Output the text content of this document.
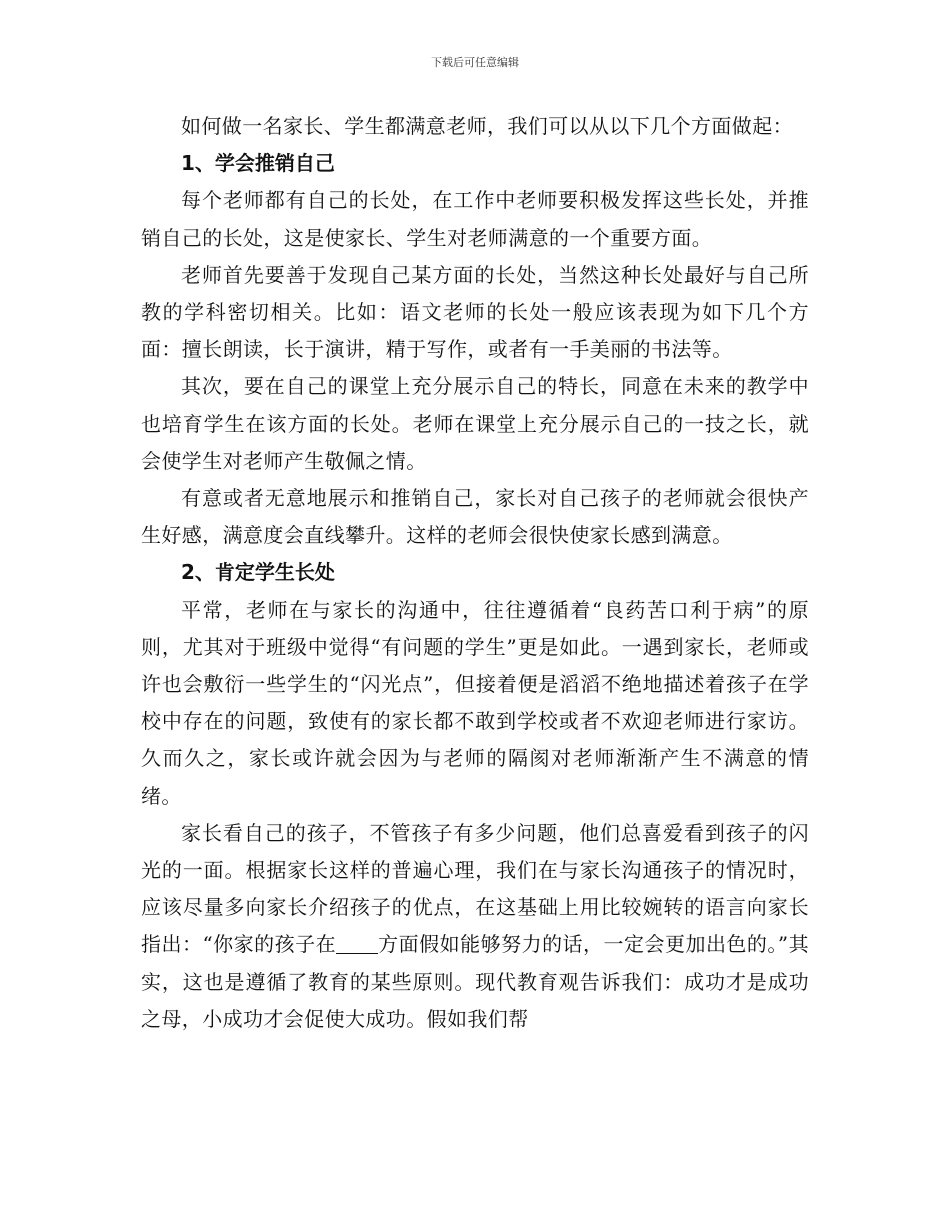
下载后可任意编辑

如何做一名家长、学生都满意老师，我们可以从以下几个方面做起：

1、学会推销自己

每个老师都有自己的长处，在工作中老师要积极发挥这些长处，并推销自己的长处，这是使家长、学生对老师满意的一个重要方面。

老师首先要善于发现自己某方面的长处，当然这种长处最好与自己所教的学科密切相关。比如：语文老师的长处一般应该表现为如下几个方面：擅长朗读，长于演讲，精于写作，或者有一手美丽的书法等。

其次，要在自己的课堂上充分展示自己的特长，同意在未来的教学中也培育学生在该方面的长处。老师在课堂上充分展示自己的一技之长，就会使学生对老师产生敬佩之情。

有意或者无意地展示和推销自己，家长对自己孩子的老师就会很快产生好感，满意度会直线攀升。这样的老师会很快使家长感到满意。

2、肯定学生长处

平常，老师在与家长的沟通中，往往遵循着“良药苦口利于病”的原则，尤其对于班级中觉得“有问题的学生”更是如此。一遇到家长，老师或许也会敷衍一些学生的“闪光点”，但接着便是滔滔不绝地描述着孩子在学校中存在的问题，致使有的家长都不敢到学校或者不欢迎老师进行家访。久而久之，家长或许就会因为与老师的隔阂对老师渐渐产生不满意的情绪。

家长看自己的孩子，不管孩子有多少问题，他们总喜爱看到孩子的闪光的一面。根据家长这样的普遍心理，我们在与家长沟通孩子的情况时，应该尽量多向家长介绍孩子的优点，在这基础上用比较婉转的语言向家长指出：“你家的孩子在 方面假如能够努力的话，一定会更加出色的。”其实，这也是遵循了教育的某些原则。现代教育观告诉我们：成功才是成功之母，小成功才会促使大成功。假如我们帮
